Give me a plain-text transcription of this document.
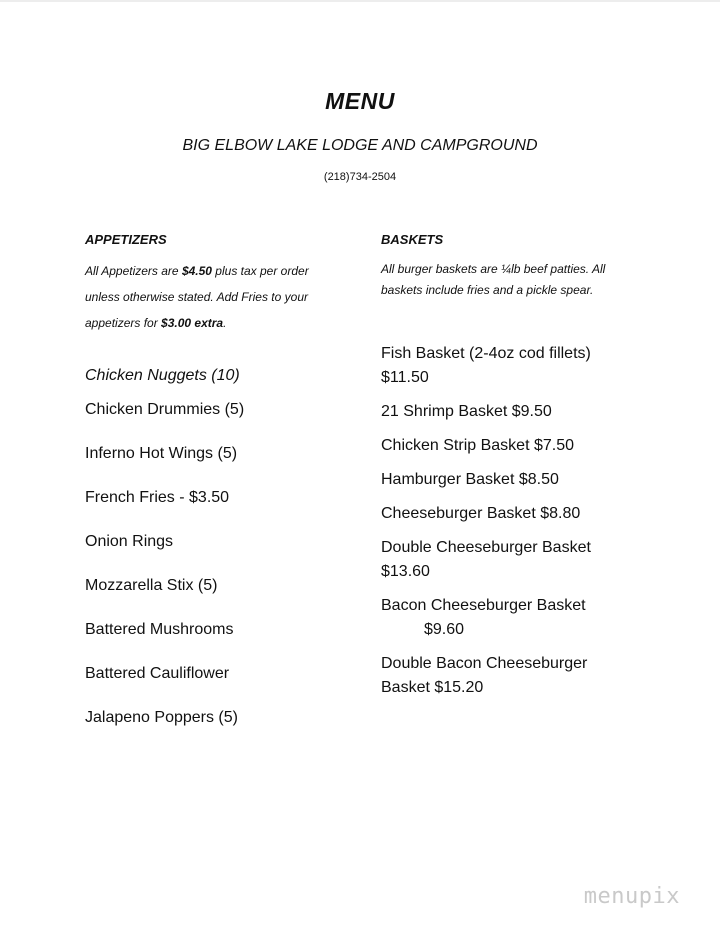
MENU
BIG ELBOW LAKE LODGE AND CAMPGROUND
(218)734-2504
APPETIZERS
All Appetizers are $4.50 plus tax per order unless otherwise stated. Add Fries to your appetizers for $3.00 extra.
Chicken Nuggets (10)
Chicken Drummies (5)
Inferno Hot Wings (5)
French Fries - $3.50
Onion Rings
Mozzarella Stix (5)
Battered Mushrooms
Battered Cauliflower
Jalapeno Poppers (5)
BASKETS
All burger baskets are ¼lb beef patties. All baskets include fries and a pickle spear.
Fish Basket (2-4oz cod fillets)
$11.50
21 Shrimp Basket $9.50
Chicken Strip Basket $7.50
Hamburger Basket $8.50
Cheeseburger Basket $8.80
Double Cheeseburger Basket
$13.60
Bacon Cheeseburger Basket
$9.60
Double Bacon Cheeseburger
Basket $15.20
menupix
